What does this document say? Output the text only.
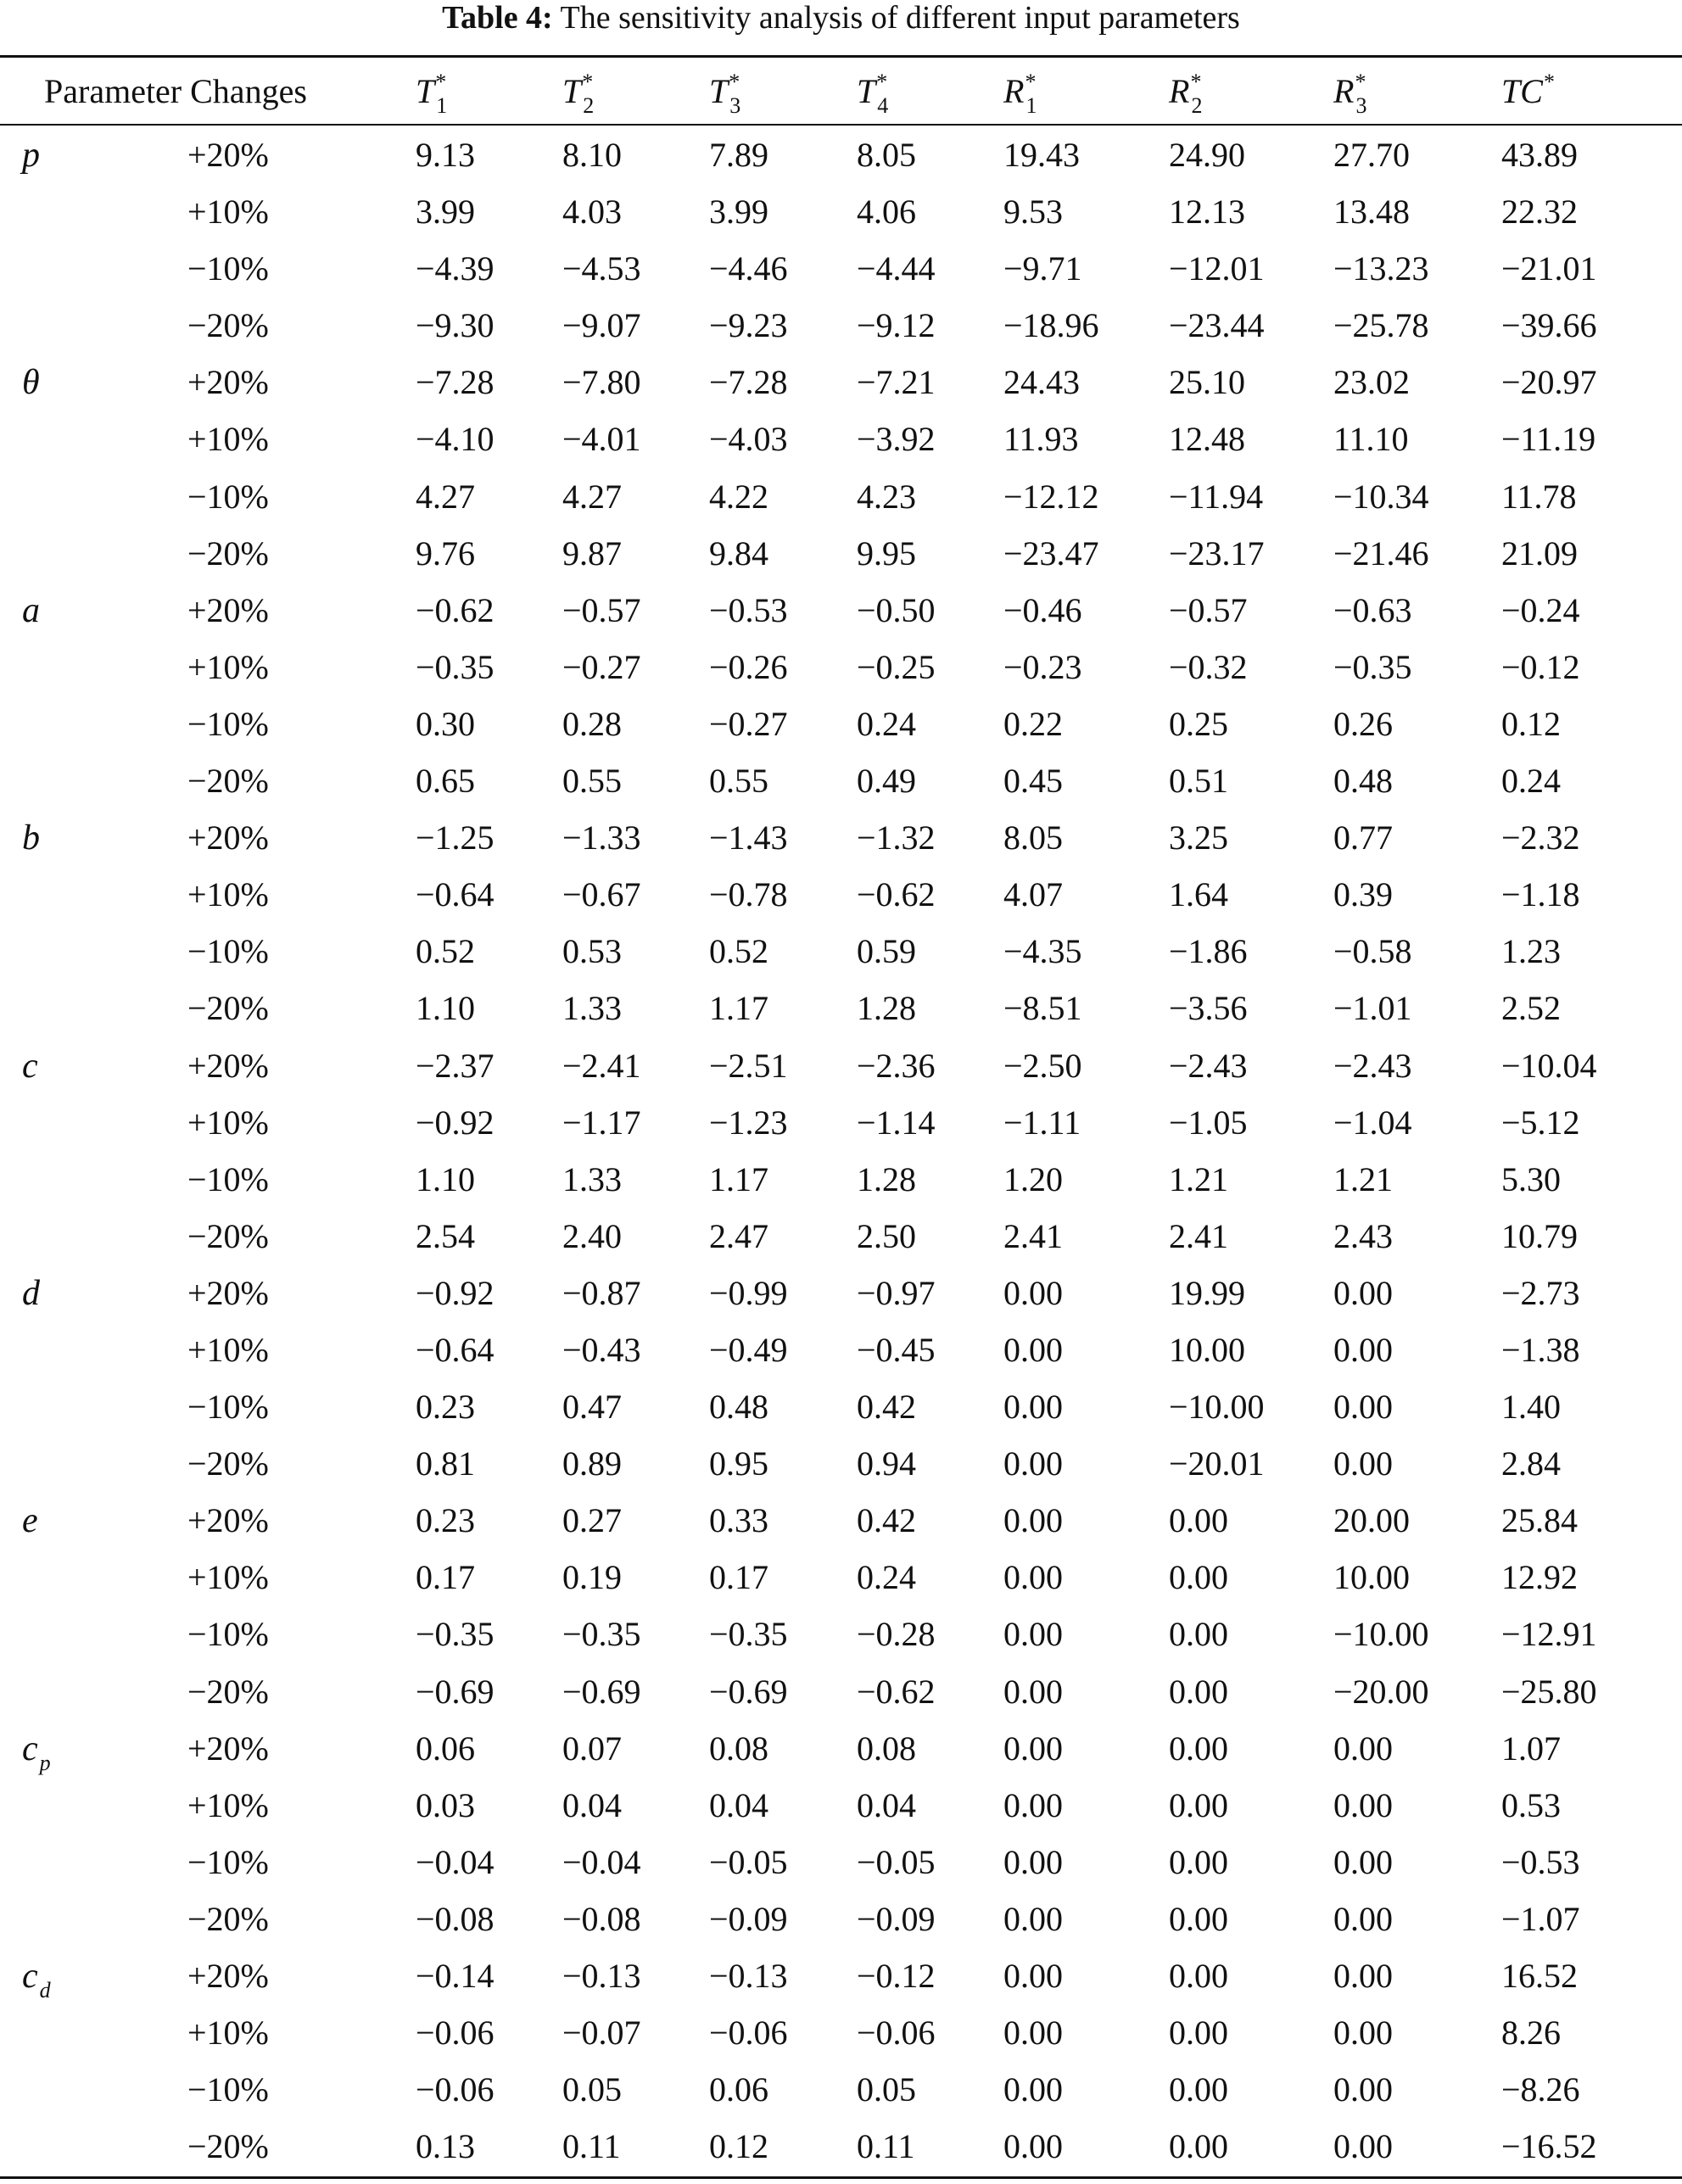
Table 4: The sensitivity analysis of different input parameters
Parameter Changes	$T^*_1$	$T^*_2$	$T^*_3$	$T^*_4$	$R^*_1$	$R^*_2$	$R^*_3$	TC*
p	+20%	9.13	8.10	7.89	8.05	19.43	24.90	27.70	43.89
+10%	3.99	4.03	3.99	4.06	9.53	12.13	13.48	22.32
−10%	−4.39 −4.53 −4.46 −4.44 −9.71	−12.01 −13.23 −21.01
−20%	−9.30 −9.07 −9.23 −9.12 −18.96 −23.44 −25.78 −39.66
θ	+20%	−7.28 −7.80 −7.28 −7.21 24.43	25.10	23.02	−20.97
+10%	−4.10 −4.01 −4.03 −3.92 11.93	12.48	11.10	−11.19
−10%	4.27	4.27	4.22	4.23	−12.12 −11.94 −10.34 11.78
−20%	9.76	9.87	9.84	9.95	−23.47 −23.17 −21.46 21.09
a	+20%	−0.62 −0.57 −0.53 −0.50 −0.46	−0.57	−0.63	−0.24
+10%	−0.35 −0.27 −0.26 −0.25 −0.23	−0.32	−0.35	−0.12
−10%	0.30	0.28	−0.27 0.24	0.22	0.25	0.26	0.12
−20%	0.65	0.55	0.55	0.49	0.45	0.51	0.48	0.24
b	+20%	−1.25 −1.33 −1.43 −1.32 8.05	3.25	0.77	−2.32
+10%	−0.64 −0.67 −0.78 −0.62 4.07	1.64	0.39	−1.18
−10%	0.52	0.53	0.52	0.59	−4.35	−1.86	−0.58	1.23
−20%	1.10	1.33	1.17	1.28	−8.51	−3.56	−1.01	2.52
c	+20%	−2.37 −2.41 −2.51 −2.36 −2.50	−2.43	−2.43	−10.04
+10%	−0.92 −1.17 −1.23 −1.14 −1.11	−1.05	−1.04	−5.12
−10%	1.10	1.33	1.17	1.28	1.20	1.21	1.21	5.30
−20%	2.54	2.40	2.47	2.50	2.41	2.41	2.43	10.79
d	+20%	−0.92 −0.87 −0.99 −0.97 0.00	19.99	0.00	−2.73
+10%	−0.64 −0.43 −0.49 −0.45 0.00	10.00	0.00	−1.38
−10%	0.23	0.47	0.48	0.42	0.00	−10.00 0.00	1.40
−20%	0.81	0.89	0.95	0.94	0.00	−20.01 0.00	2.84
e	+20%	0.23	0.27	0.33	0.42	0.00	0.00	20.00	25.84
+10%	0.17	0.19	0.17	0.24	0.00	0.00	10.00	12.92
−10%	−0.35 −0.35 −0.35 −0.28 0.00	0.00	−10.00 −12.91
−20%	−0.69 −0.69 −0.69 −0.62 0.00	0.00	−20.00 −25.80
$c_p$	+20%	0.06	0.07	0.08	0.08	0.00	0.00	0.00	1.07
+10%	0.03	0.04	0.04	0.04	0.00	0.00	0.00	0.53
−10%	−0.04 −0.04 −0.05 −0.05 0.00	0.00	0.00	−0.53
−20%	−0.08 −0.08 −0.09 −0.09 0.00	0.00	0.00	−1.07
$c_d$	+20%	−0.14 −0.13 −0.13 −0.12 0.00	0.00	0.00	16.52
+10%	−0.06 −0.07 −0.06 −0.06 0.00	0.00	0.00	8.26
−10%	−0.06 0.05	0.06	0.05	0.00	0.00	0.00	−8.26
−20%	0.13	0.11	0.12	0.11	0.00	0.00	0.00	−16.52
